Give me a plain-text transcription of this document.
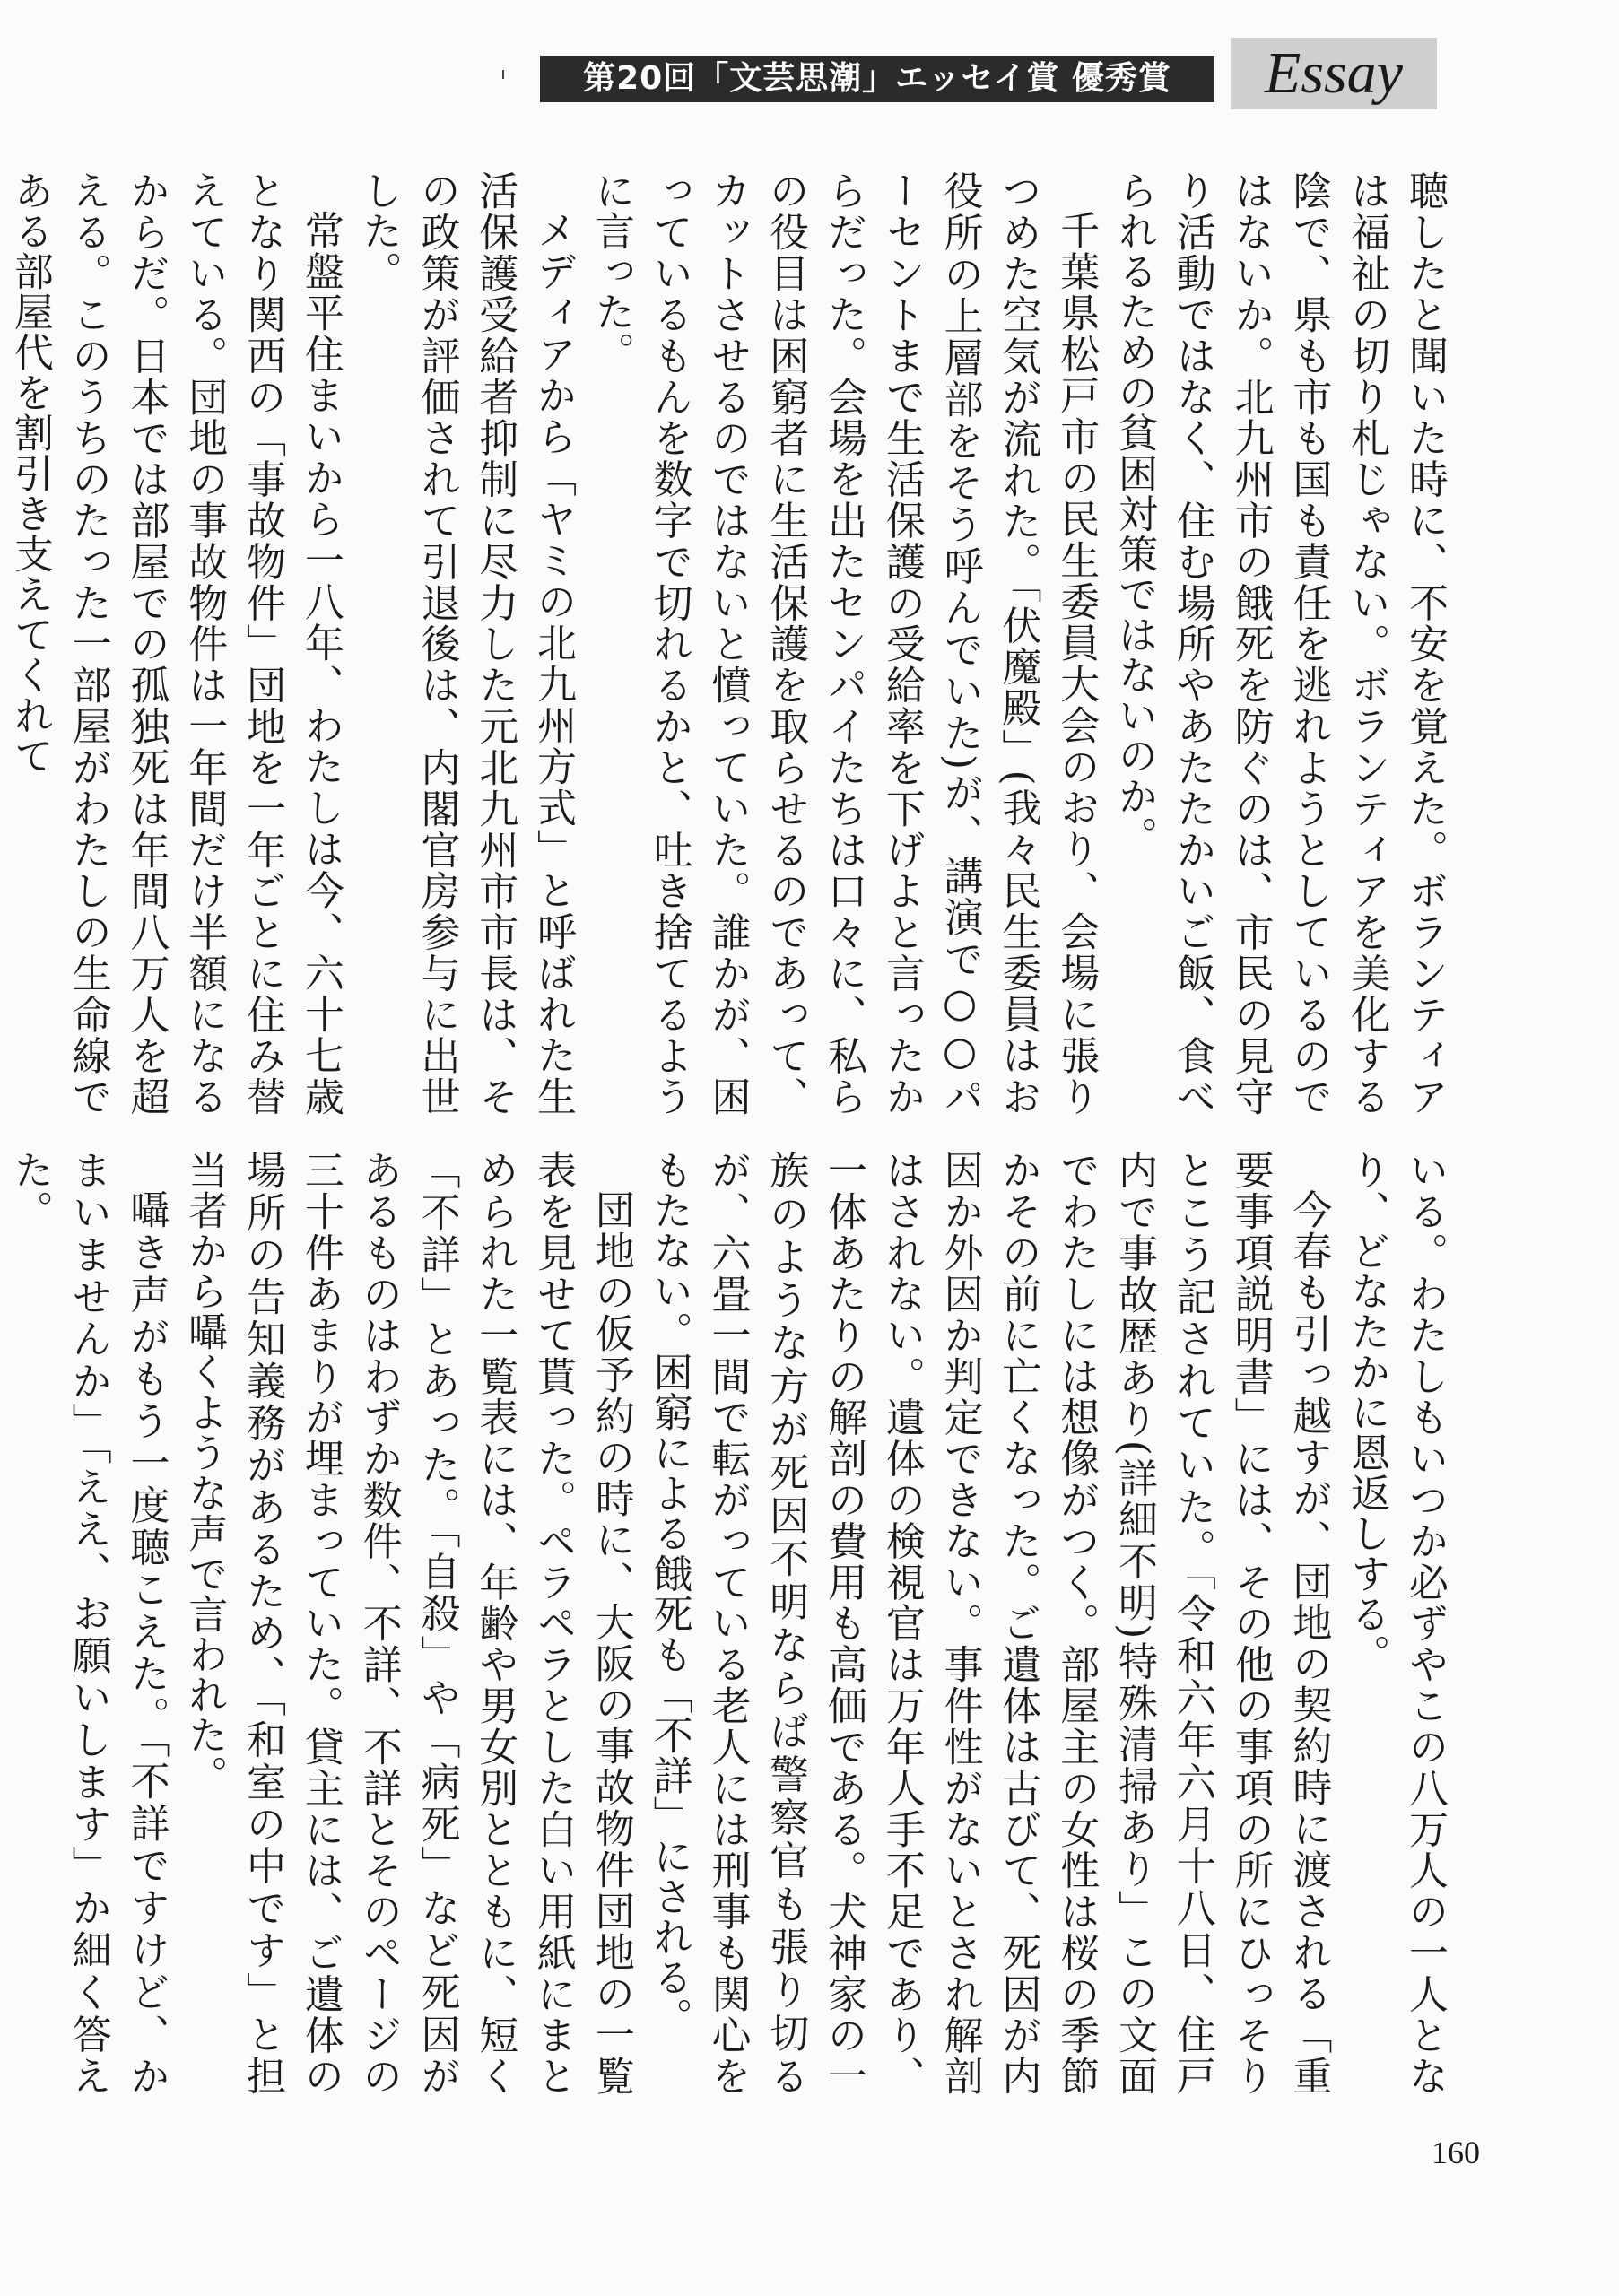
第20回「文芸思潮」エッセイ賞 優秀賞	Essay

聴したと聞いた時に、不安を覚えた。ボランティアは福祉の切り札じゃない。ボランティアを美化する陰で、県も市も国も責任を逃れようとしているのではないか。北九州市の餓死を防ぐのは、市民の見守り活動ではなく、住む場所やあたたかいご飯、食べられるための貧困対策ではないのか。

千葉県松戸市の民生委員大会のおり、会場に張りつめた空気が流れた。「伏魔殿」(我々民生委員はお役所の上層部をそう呼んでいた)が、講演で○○パーセントまで生活保護の受給率を下げよと言ったからだった。会場を出たセンパイたちは口々に、私らの役目は困窮者に生活保護を取らせるのであって、カットさせるのではないと憤っていた。誰かが、困っているもんを数字で切れるかと、吐き捨てるように言った。

メディアから「ヤミの北九州方式」と呼ばれた生活保護受給者抑制に尽力した元北九州市市長は、その政策が評価されて引退後は、内閣官房参与に出世した。

常盤平住まいから一八年、わたしは今、六十七歳となり関西の「事故物件」団地を一年ごとに住み替えている。団地の事故物件は一年間だけ半額になるからだ。日本では部屋での孤独死は年間八万人を超える。このうちのたった一部屋がわたしの生命線である部屋代を割引き支えてくれて

いる。わたしもいつか必ずやこの八万人の一人となり、どなたかに恩返しする。

今春も引っ越すが、団地の契約時に渡される「重要事項説明書」には、その他の事項の所にひっそりとこう記されていた。「令和六年六月十八日、住戸内で事故歴あり(詳細不明)特殊清掃あり」この文面でわたしには想像がつく。部屋主の女性は桜の季節かその前に亡くなった。ご遺体は古びて、死因が内因か外因か判定できない。事件性がないとされ解剖はされない。遺体の検視官は万年人手不足であり、一体あたりの解剖の費用も高価である。犬神家の一族のような方が死因不明ならば警察官も張り切るが、六畳一間で転がっている老人には刑事も関心をもたない。困窮による餓死も「不詳」にされる。

団地の仮予約の時に、大阪の事故物件団地の一覧表を見せて貰った。ペラペラとした白い用紙にまとめられた一覧表には、年齢や男女別とともに、短く「不詳」とあった。「自殺」や「病死」など死因があるものはわずか数件、不詳、不詳とそのページの三十件あまりが埋まっていた。貸主には、ご遺体の場所の告知義務があるため、「和室の中です」と担当者から囁くような声で言われた。

囁き声がもう一度聴こえた。「不詳ですけど、かまいませんか」「ええ、お願いします」か細く答えた。

160
